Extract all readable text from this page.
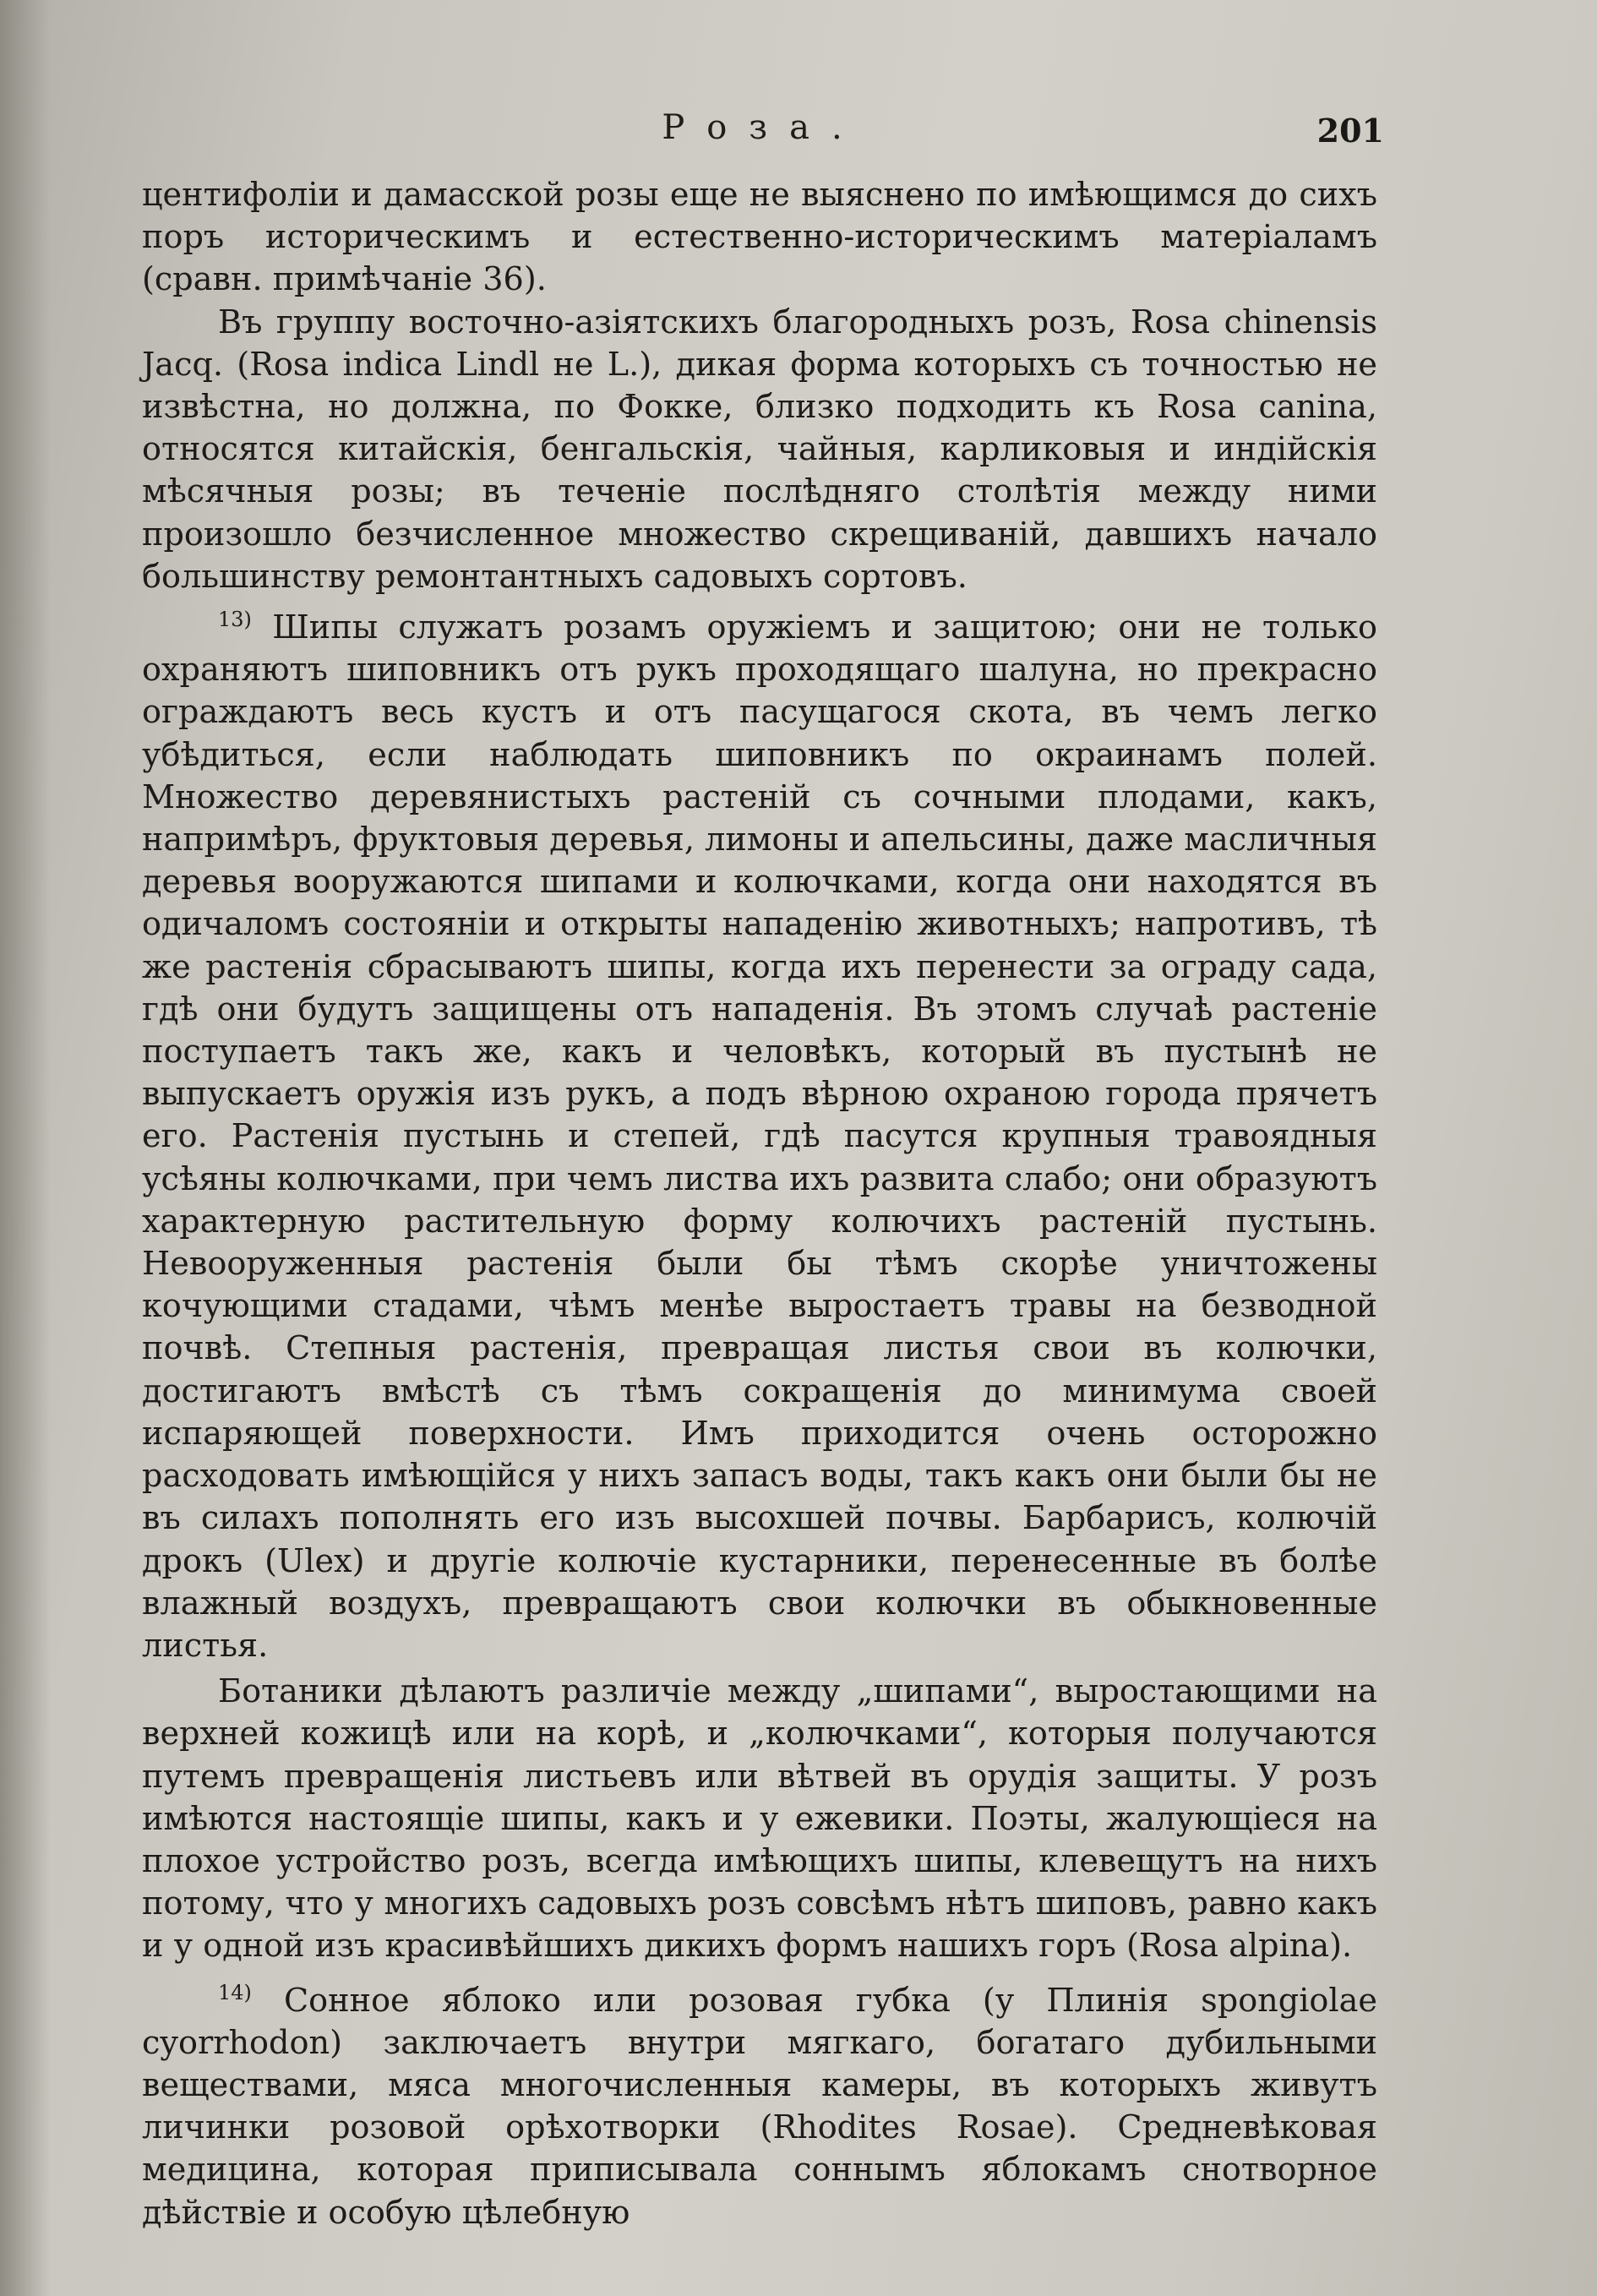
Роза.	201

центифоліи и дамасской розы еще не выяснено по имѣющимся до сихъ поръ историческимъ и естественно-историческимъ матеріаламъ (сравн. примѣчаніе 36).

Въ группу восточно-азіятскихъ благородныхъ розъ, Rosa chinensis Jacq. (Rosa indica Lindl не L.), дикая форма которыхъ съ точностью не извѣстна, но должна, по Фокке, близко подходить къ Rosa canina, относятся китайскія, бенгальскія, чайныя, карликовыя и индійскія мѣсячныя розы; въ теченіе послѣдняго столѣтія между ними произошло безчисленное множество скрещиваній, давшихъ начало большинству ремонтантныхъ садовыхъ сортовъ.

$^{13)}$ Шипы служатъ розамъ оружіемъ и защитою; они не только охраняютъ шиповникъ отъ рукъ проходящаго шалуна, но прекрасно ограждаютъ весь кустъ и отъ пасущагося скота, въ чемъ легко убѣдиться, если наблюдать шиповникъ по окраинамъ полей. Множество деревянистыхъ растеній съ сочными плодами, какъ, напримѣръ, фруктовыя деревья, лимоны и апельсины, даже масличныя деревья вооружаются шипами и колючками, когда они находятся въ одичаломъ состояніи и открыты нападенію животныхъ; напротивъ, тѣ же растенія сбрасываютъ шипы, когда ихъ перенести за ограду сада, гдѣ они будутъ защищены отъ нападенія. Въ этомъ случаѣ растеніе поступаетъ такъ же, какъ и человѣкъ, который въ пустынѣ не выпускаетъ оружія изъ рукъ, а подъ вѣрною охраною города прячетъ его. Растенія пустынь и степей, гдѣ пасутся крупныя травоядныя усѣяны колючками, при чемъ листва ихъ развита слабо; они образуютъ характерную растительную форму колючихъ растеній пустынь. Невооруженныя растенія были бы тѣмъ скорѣе уничтожены кочующими стадами, чѣмъ менѣе выростаетъ травы на безводной почвѣ. Степныя растенія, превращая листья свои въ колючки, достигаютъ вмѣстѣ съ тѣмъ сокращенія до минимума своей испаряющей поверхности. Имъ приходится очень осторожно расходовать имѣющійся у нихъ запасъ воды, такъ какъ они были бы не въ силахъ пополнять его изъ высохшей почвы. Барбарисъ, колючій дрокъ (Ulex) и другіе колючіе кустарники, перенесенные въ болѣе влажный воздухъ, превращаютъ свои колючки въ обыкновенные листья.

Ботаники дѣлаютъ различіе между „шипами“, выростающими на верхней кожицѣ или на корѣ, и „колючками“, которыя получаются путемъ превращенія листьевъ или вѣтвей въ орудія защиты. У розъ имѣются настоящіе шипы, какъ и у ежевики. Поэты, жалующіеся на плохое устройство розъ, всегда имѣющихъ шипы, клевещутъ на нихъ потому, что у многихъ садовыхъ розъ совсѣмъ нѣтъ шиповъ, равно какъ и у одной изъ красивѣйшихъ дикихъ формъ нашихъ горъ (Rosa alpina).

$^{14)}$ Сонное яблоко или розовая губка (у Плинія spongiolae cyorrhodon) заключаетъ внутри мягкаго, богатаго дубильными веществами, мяса многочисленныя камеры, въ которыхъ живутъ личинки розовой орѣхотворки (Rhodites Rosae). Средневѣковая медицина, которая приписывала соннымъ яблокамъ снотворное дѣйствіе и особую цѣлебную
